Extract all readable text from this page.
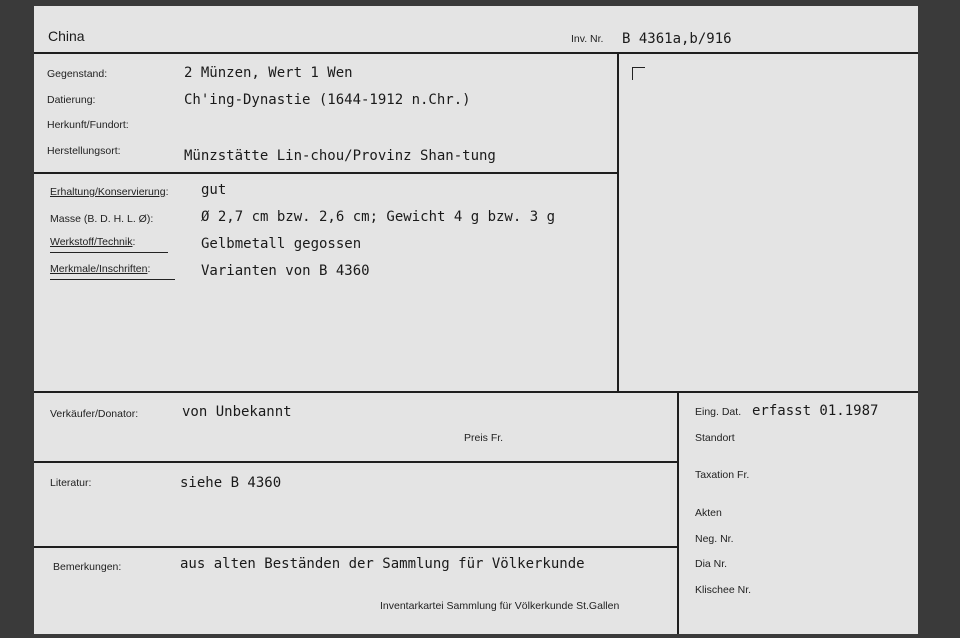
China	Inv. Nr. B 4361a,b/916
Gegenstand:	2 Münzen, Wert 1 Wen
Datierung:	Ch'ing-Dynastie (1644-1912 n.Chr.)
Herkunft/Fundort:
Herstellungsort:	Münzstätte Lin-chou/Provinz Shan-tung
Erhaltung/Konservierung: gut
Masse (B. D. H. L. Ø):	Ø 2,7 cm bzw. 2,6 cm; Gewicht 4 g bzw. 3 g
Werkstoff/Technik:	Gelbmetall gegossen
Merkmale/Inschriften:	Varianten von B 4360
Verkäufer/Donator:	von Unbekannt
Preis Fr.
Literatur:	siehe B 4360
Bemerkungen:	aus alten Beständen der Sammlung für Völkerkunde
Inventarkartei Sammlung für Völkerkunde St.Gallen
Eing. Dat. erfasst 01.1987
Standort
Taxation Fr.
Akten
Neg. Nr.
Dia Nr.
Klischee Nr.
